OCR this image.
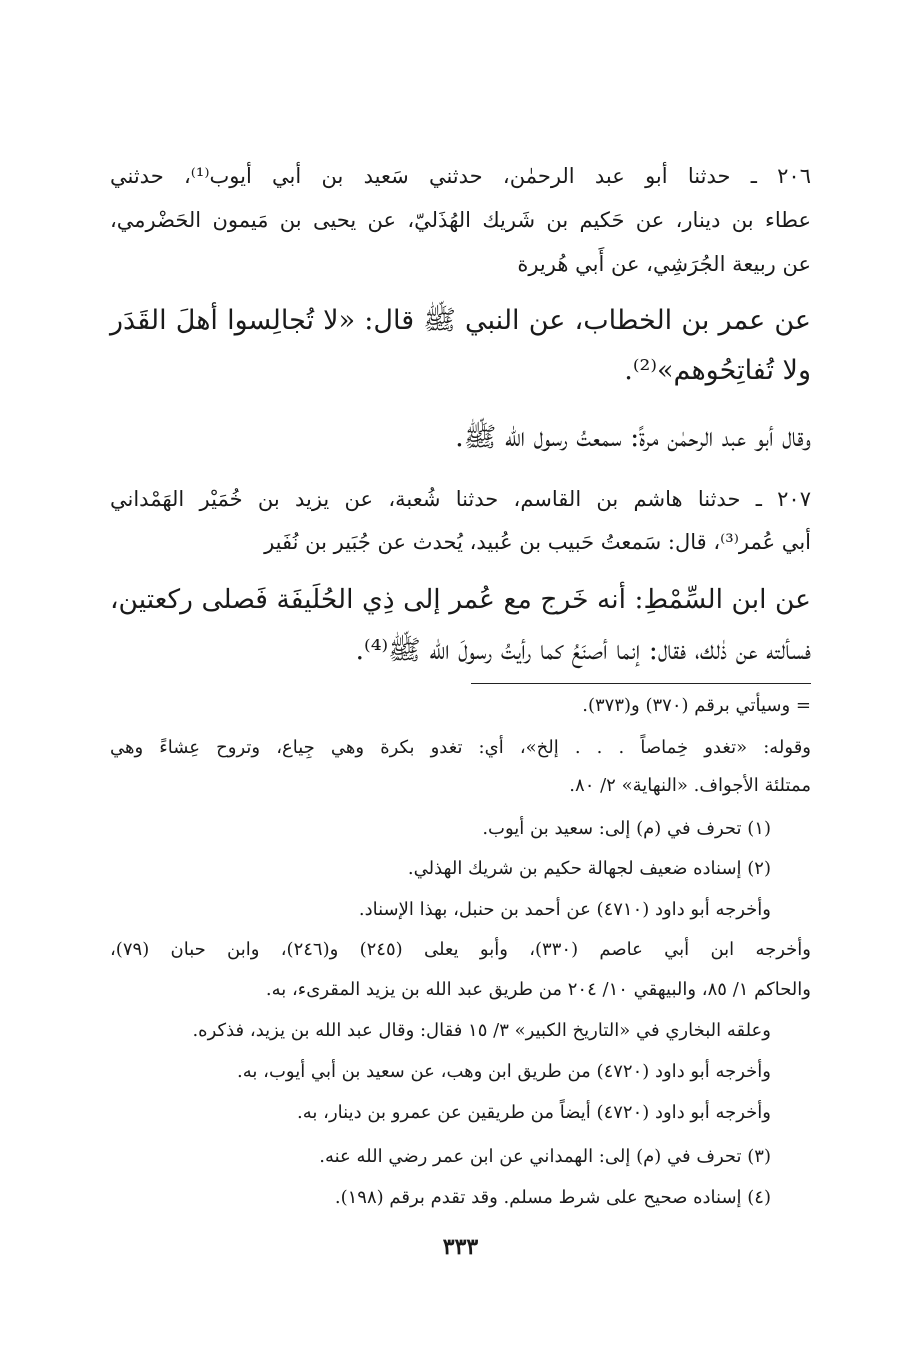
٢٠٦ ـ حدثنا أبو عبد الرحمٰن، حدثني سَعيد بن أبي أيوب⁽¹⁾، حدثني
عطاء بن دينار، عن حَكيم بن شَريك الهُذَليّ، عن يحيى بن مَيمون الحَضْرمي،
عن ربيعة الجُرَشِي، عن أَبي هُريرة
عن عمر بن الخطاب، عن النبي ﷺ قال: «لا تُجالِسوا أهلَ القَدَر
ولا تُفاتِحُوهم»⁽²⁾.
وقال أبو عبد الرحمٰن مرةً: سمعتُ رسول الله ﷺ.
٢٠٧ ـ حدثنا هاشم بن القاسم، حدثنا شُعبة، عن يزيد بن خُمَيْر الهَمْداني
أبي عُمر⁽³⁾، قال: سَمعتُ حَبيب بن عُبيد، يُحدث عن جُبَير بن نُفَير
عن ابن السِّمْطِ: أنه خَرج مع عُمر إلى ذِي الحُلَيفَة فَصلى ركعتين،
فسألته عن ذٰلك، فقال: إنما أصنَعُ كما رأيتُ رسولَ الله ﷺ⁽⁴⁾.
= وسيأتي برقم (٣٧٠) و(٣٧٣).
وقوله: «تغدو خِماصاً . . . إلخ»، أي: تغدو بكرة وهي جِياع، وتروح عِشاءً وهي
ممتلئة الأجواف. «النهاية» ٢/ ٨٠.
(١) تحرف في (م) إلى: سعيد بن أيوب.
(٢) إسناده ضعيف لجهالة حكيم بن شريك الهذلي.
وأخرجه أبو داود (٤٧١٠) عن أحمد بن حنبل، بهذا الإسناد.
وأخرجه ابن أبي عاصم (٣٣٠)، وأبو يعلى (٢٤٥) و(٢٤٦)، وابن حبان (٧٩)،
والحاكم ١/ ٨٥، والبيهقي ١٠/ ٢٠٤ من طريق عبد الله بن يزيد المقرىء، به.
وعلقه البخاري في «التاريخ الكبير» ٣/ ١٥ فقال: وقال عبد الله بن يزيد، فذكره.
وأخرجه أبو داود (٤٧٢٠) من طريق ابن وهب، عن سعيد بن أبي أيوب، به.
وأخرجه أبو داود (٤٧٢٠) أيضاً من طريقين عن عمرو بن دينار، به.
(٣) تحرف في (م) إلى: الهمداني عن ابن عمر رضي الله عنه.
(٤) إسناده صحيح على شرط مسلم. وقد تقدم برقم (١٩٨).
٣٣٣
